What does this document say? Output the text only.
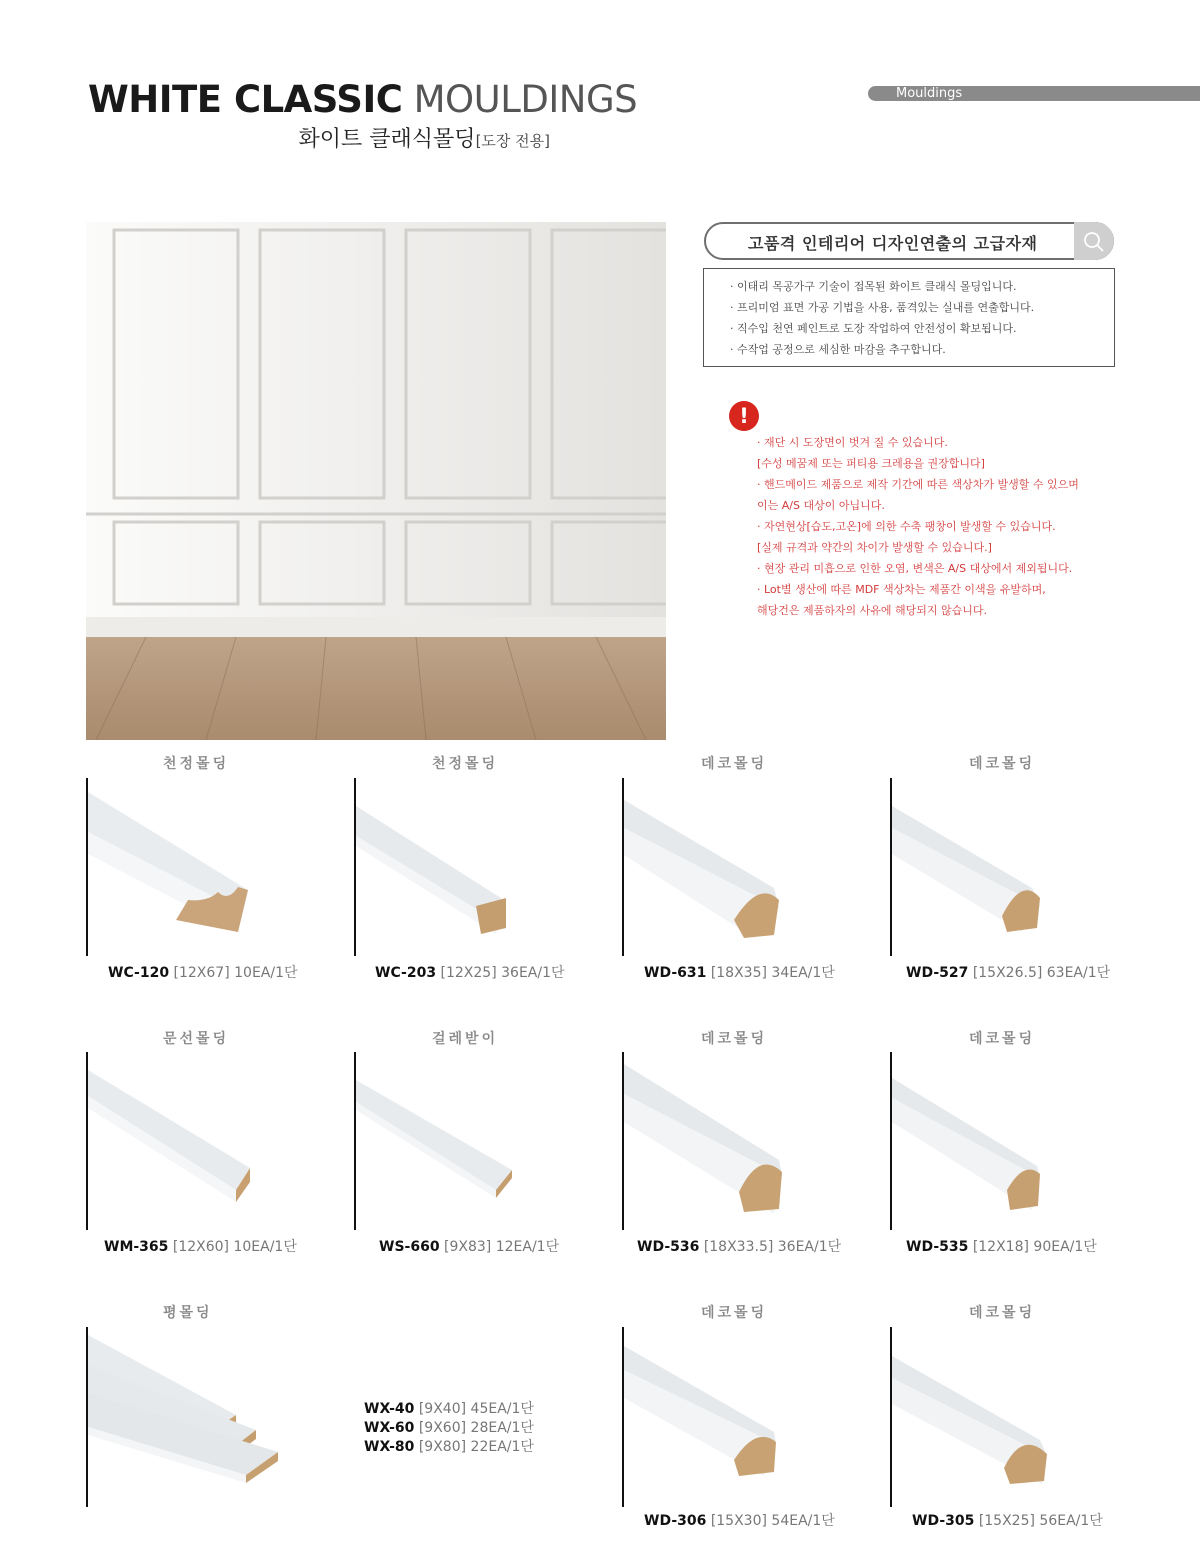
WHITE CLASSIC MOULDINGS
화이트 클래식몰딩[도장 전용]
Mouldings
고품격 인테리어 디자인연출의 고급자재
· 이태리 목공가구 기술이 접목된 화이트 클래식 몰딩입니다.
· 프리미엄 표면 가공 기법을 사용, 품격있는 실내를 연출합니다.
· 직수입 천연 페인트로 도장 작업하여 안전성이 확보됩니다.
· 수작업 공정으로 세심한 마감을 추구합니다.
!
· 재단 시 도장면이 벗겨 질 수 있습니다.
[수성 메꿈제 또는 퍼티용 크레용을 권장합니다]
· 핸드메이드 제품으로 제작 기간에 따른 색상차가 발생할 수 있으며
이는 A/S 대상이 아닙니다.
· 자연현상[습도,고온]에 의한 수축 팽창이 발생할 수 있습니다.
[실제 규격과 약간의 차이가 발생할 수 있습니다.]
· 현장 관리 미흡으로 인한 오염, 변색은 A/S 대상에서 제외됩니다.
· Lot별 생산에 따른 MDF 색상차는 제품간 이색을 유발하며,
해당건은 제품하자의 사유에 해당되지 않습니다.
천정몰딩	천정몰딩	데코몰딩	데코몰딩
WC-120 [12X67] 10EA/1단	WC-203 [12X25] 36EA/1단	WD-631 [18X35] 34EA/1단	WD-527 [15X26.5] 63EA/1단
문선몰딩	걸레받이	데코몰딩	데코몰딩
WM-365 [12X60] 10EA/1단	WS-660 [9X83] 12EA/1단	WD-536 [18X33.5] 36EA/1단	WD-535 [12X18] 90EA/1단
평몰딩	데코몰딩	데코몰딩
WX-40 [9X40] 45EA/1단
WX-60 [9X60] 28EA/1단
WX-80 [9X80] 22EA/1단
WD-306 [15X30] 54EA/1단	WD-305 [15X25] 56EA/1단
